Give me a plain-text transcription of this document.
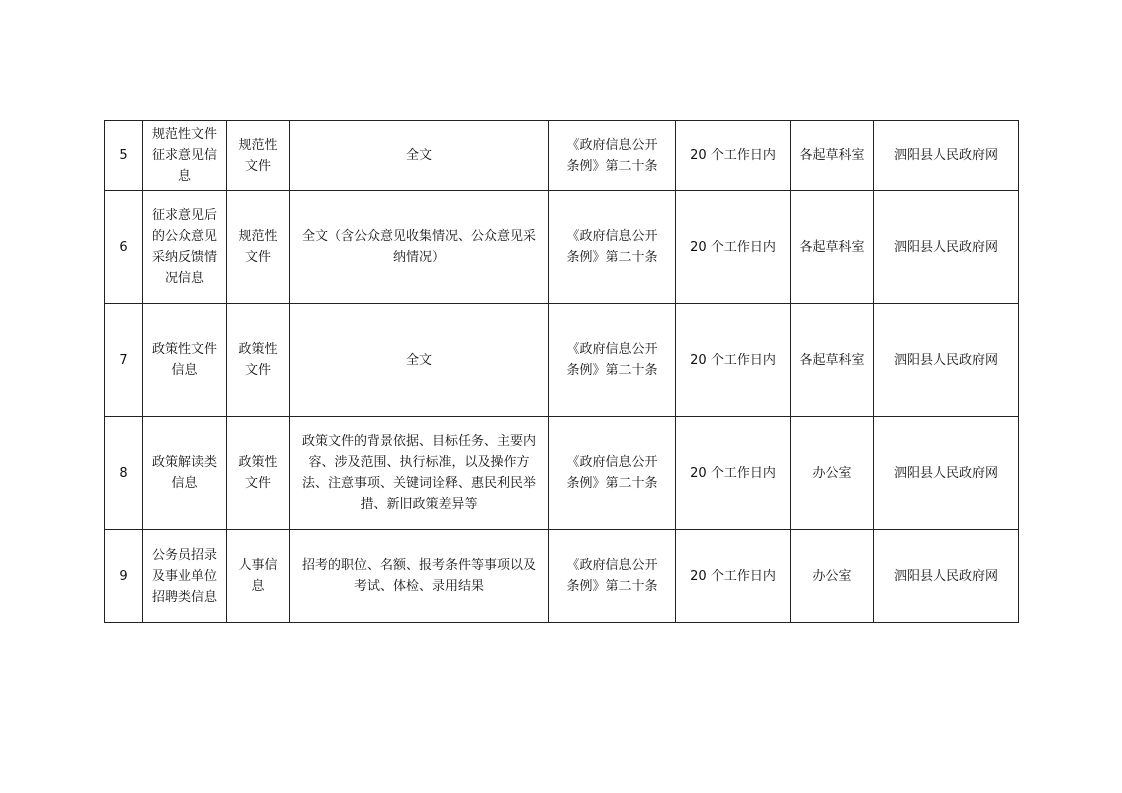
5	规范性文件征求意见信息	规范性文件	全文	《政府信息公开条例》第二十条	20 个工作日内	各起草科室	泗阳县人民政府网
6	征求意见后的公众意见采纳反馈情况信息	规范性文件	全文（含公众意见收集情况、公众意见采纳情况）	《政府信息公开条例》第二十条	20 个工作日内	各起草科室	泗阳县人民政府网
7	政策性文件信息	政策性文件	全文	《政府信息公开条例》第二十条	20 个工作日内	各起草科室	泗阳县人民政府网
8	政策解读类信息	政策性文件	政策文件的背景依据、目标任务、主要内容、涉及范围、执行标准，以及操作方法、注意事项、关键词诠释、惠民利民举措、新旧政策差异等	《政府信息公开条例》第二十条	20 个工作日内	办公室	泗阳县人民政府网
9	公务员招录及事业单位招聘类信息	人事信息	招考的职位、名额、报考条件等事项以及考试、体检、录用结果	《政府信息公开条例》第二十条	20 个工作日内	办公室	泗阳县人民政府网
